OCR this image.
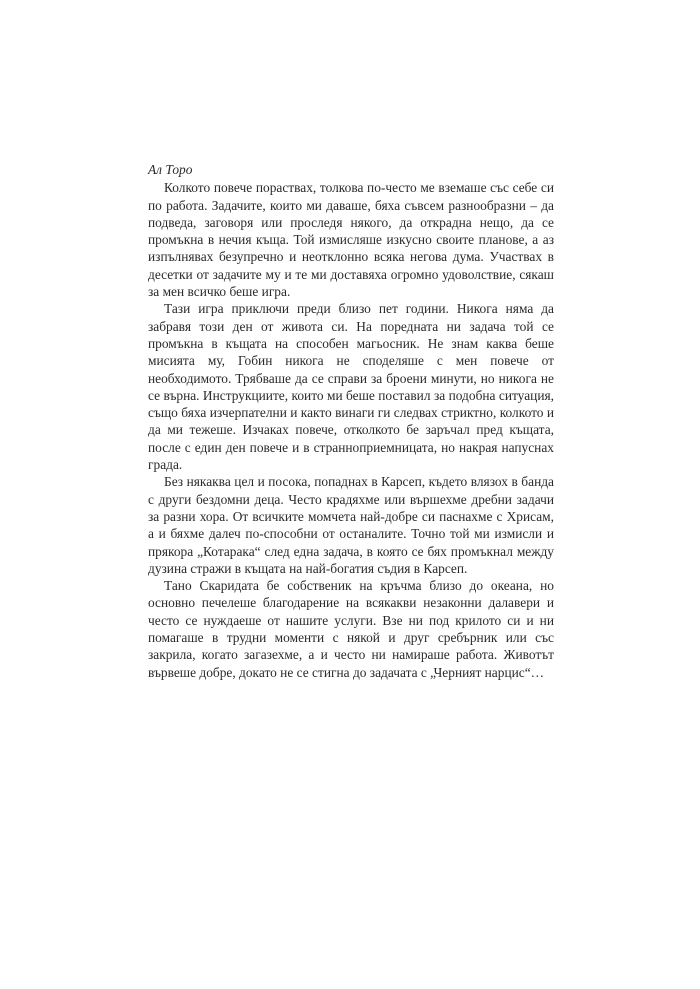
Ал Торо

Колкото повече порастваx, толкова по-често ме вземаше със себе си по работа. Задачите, които ми даваше, бяха съвсем разнообразни – да подведа, заговоря или проследя някого, да открадна нещо, да се промъкна в нечия къща. Той измисляше изкусно своите планове, а аз изпълнявах безупречно и неотклонно всяка негова дума. Участвах в десетки от задачите му и те ми доставяха огромно удоволствие, сякаш за мен всичко беше игра.

Тази игра приключи преди близо пет години. Никога няма да забравя този ден от живота си. На поредната ни задача той се промъкна в къщата на способен магьосник. Не знам каква беше мисията му, Гобин никога не споделяше с мен повече от необходимото. Трябваше да се справи за броени минути, но никога не се върна. Инструкциите, които ми беше поставил за подобна ситуация, също бяха изчерпателни и както винаги ги следвах стриктно, колкото и да ми тежеше. Изчаках повече, отколкото бе заръчал пред къщата, после с един ден повече и в странноприемницата, но накрая напуснах града.

Без някаква цел и посока, попаднах в Карсеп, където влязох в банда с други бездомни деца. Често крадяхме или вършехме дребни задачи за разни хора. От всичките момчета най-добре си паснахме с Хрисам, а и бяхме далеч по-способни от останалите. Точно той ми измисли и прякора „Котарака“ след една задача, в която се бях промъкнал между дузина стражи в къщата на най-богатия съдия в Карсеп.

Тано Скаридата бе собственик на кръчма близо до океана, но основно печелеше благодарение на всякакви незаконни далавери и често се нуждаеше от нашите услуги. Взе ни под крилото си и ни помагаше в трудни моменти с някой и друг сребърник или със закрила, когато загазехме, а и често ни намираше работа. Животът вървеше добре, докато не се стигна до задачата с „Черният нарцис“…
